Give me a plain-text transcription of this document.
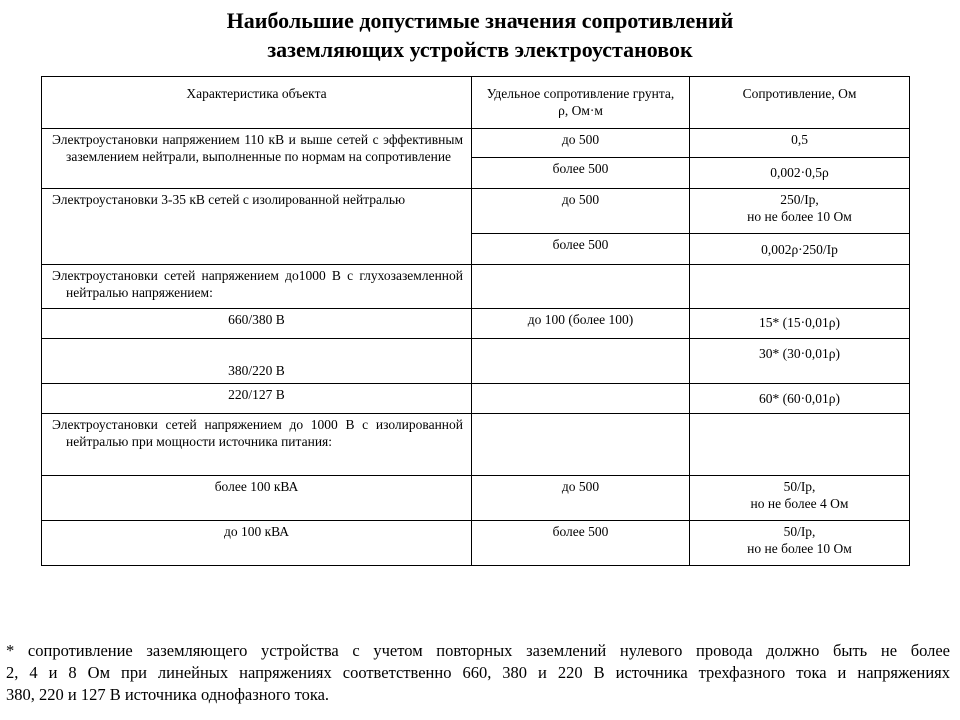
Наибольшие допустимые значения сопротивлений
заземляющих устройств электроустановок
Характеристика объекта	Удельное сопротивление грунта, ρ, Ом·м	Сопротивление, Ом
Электроустановки напряжением 110 кВ и выше сетей с эффективным заземлением нейтрали, выполненные по нормам на сопротивление	до 500	0,5
	более 500	0,002·0,5ρ
Электроустановки 3-35 кВ сетей с изолированной нейтралью	до 500	250/Iр,
но не более 10 Ом

	более 500	0,002ρ·250/Iр
Электроустановки сетей напряжением до1000 В с глухозаземленной нейтралью напряжением:		
660/380 В	до 100 (более 100)	15* (15·0,01ρ)
380/220 В		30* (30·0,01ρ)
220/127 В		60* (60·0,01ρ)
Электроустановки сетей напряжением до 1000 В с изолированной нейтралью при мощности источника питания:		
более 100 кВА	до 500	50/Iр,
но не более 4 Ом

до 100 кВА	более 500	50/Iр,
но не более 10 Ом
* сопротивление заземляющего устройства с учетом повторных заземлений нулевого провода должно быть не более
2, 4 и 8 Ом при линейных напряжениях соответственно 660, 380 и 220 В источника трехфазного тока и напряжениях
380, 220 и 127 В источника однофазного тока.
